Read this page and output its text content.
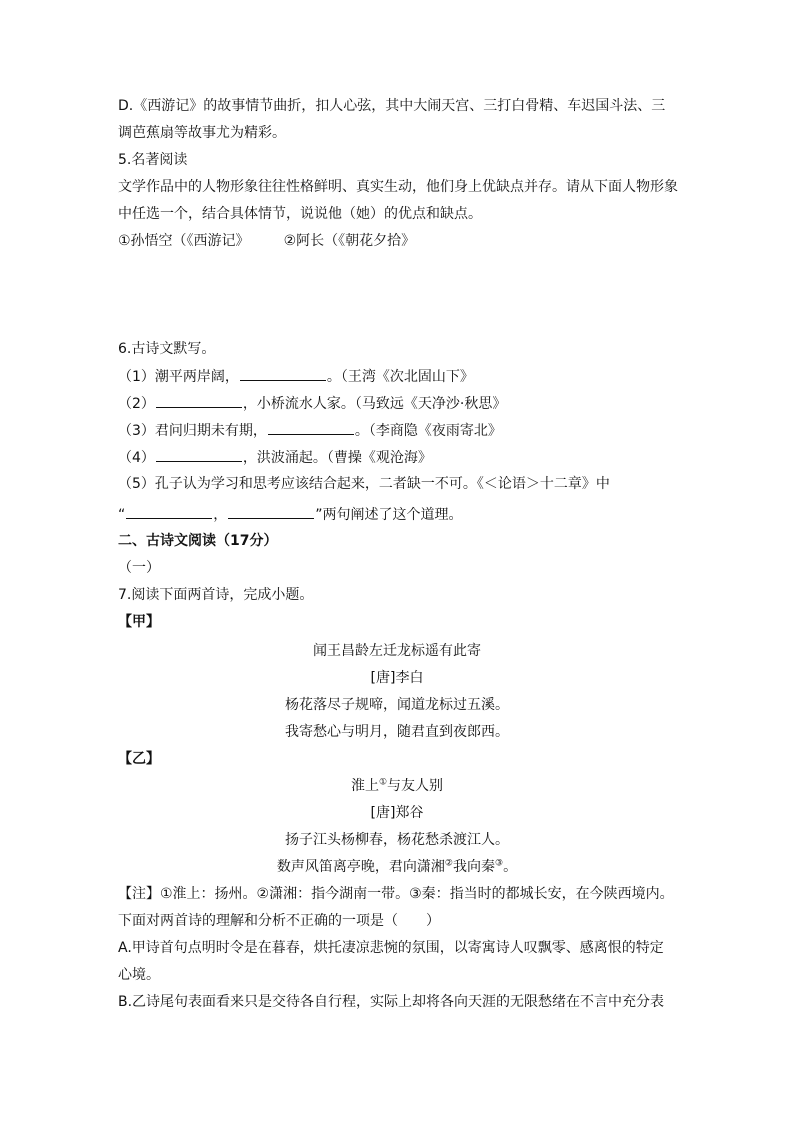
D.《西游记》的故事情节曲折，扣人心弦，其中大闹天宫、三打白骨精、车迟国斗法、三
调芭蕉扇等故事尤为精彩。
5.名著阅读
文学作品中的人物形象往往性格鲜明、真实生动，他们身上优缺点并存。请从下面人物形象
中任选一个，结合具体情节，说说他（她）的优点和缺点。
①孙悟空（《西游记》 ②阿长（《朝花夕拾》
6.古诗文默写。
（1）潮平两岸阔，	。（王湾《次北固山下》
（2）	，小桥流水人家。（马致远《天净沙·秋思》
（3）君问归期未有期，	。（李商隐《夜雨寄北》
（4）	，洪波涌起。（曹操《观沧海》
（5）孔子认为学习和思考应该结合起来，二者缺一不可。《＜论语＞十二章》中
“	，	”两句阐述了这个道理。
二、古诗文阅读（17分）
（一）
7.阅读下面两首诗，完成小题。
【甲】
闻王昌龄左迁龙标遥有此寄
[唐]李白
杨花落尽子规啼，闻道龙标过五溪。
我寄愁心与明月，随君直到夜郎西。
【乙】
淮上①与友人别
[唐]郑谷
扬子江头杨柳春，杨花愁杀渡江人。
数声风笛离亭晚，君向潇湘②我向秦③。
【注】①淮上：扬州。②潇湘：指今湖南一带。③秦：指当时的都城长安，在今陕西境内。
下面对两首诗的理解和分析不正确的一项是（　　）
A.甲诗首句点明时令是在暮春，烘托凄凉悲惋的氛围，以寄寓诗人叹飘零、感离恨的特定
心境。
B.乙诗尾句表面看来只是交待各自行程，实际上却将各向天涯的无限愁绪在不言中充分表
